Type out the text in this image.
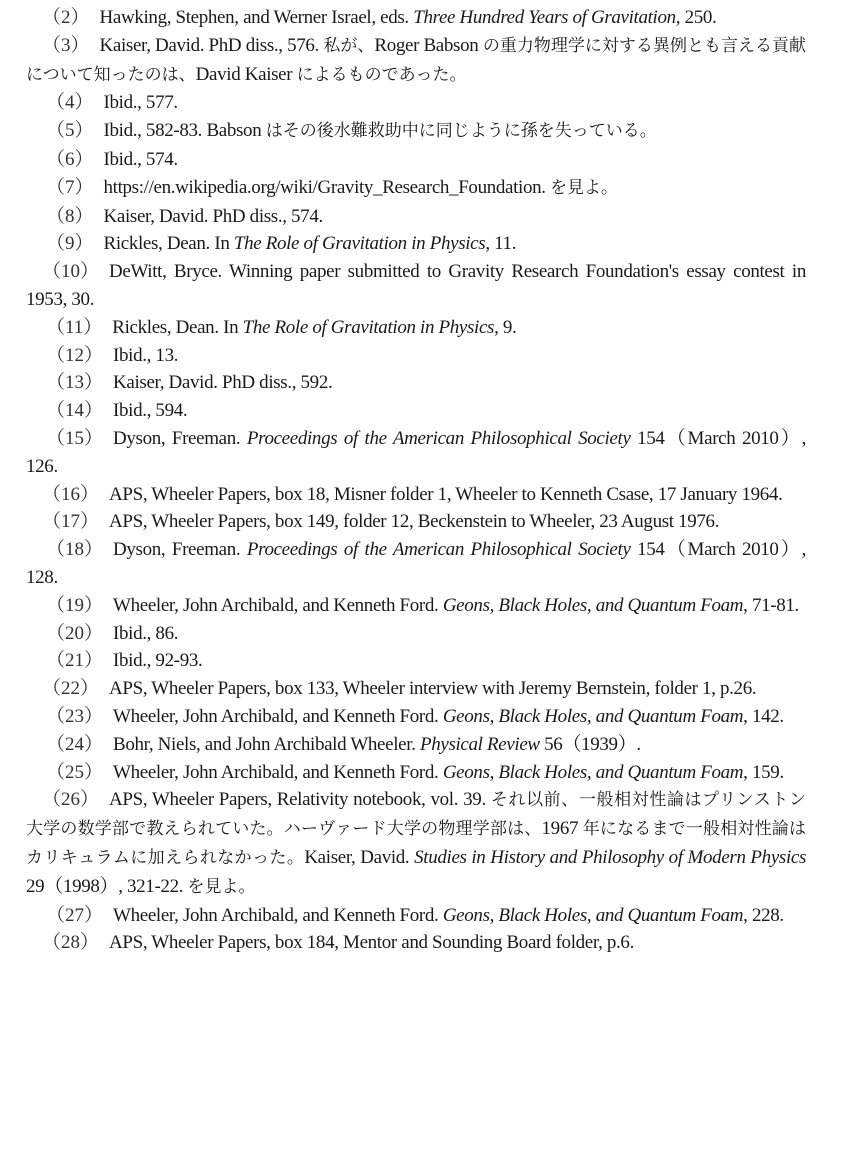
（2） Hawking, Stephen, and Werner Israel, eds. Three Hundred Years of Gravitation, 250.
（3） Kaiser, David. PhD diss., 576. 私が、Roger Babson の重力物理学に対する異例とも言える貢献について知ったのは、David Kaiser によるものであった。
（4） Ibid., 577.
（5） Ibid., 582-83. Babson はその後水難救助中に同じように孫を失っている。
（6） Ibid., 574.
（7） https://en.wikipedia.org/wiki/Gravity_Research_Foundation. を見よ。
（8） Kaiser, David. PhD diss., 574.
（9） Rickles, Dean. In The Role of Gravitation in Physics, 11.
（10） DeWitt, Bryce. Winning paper submitted to Gravity Research Foundation's essay contest in 1953, 30.
（11） Rickles, Dean. In The Role of Gravitation in Physics, 9.
（12） Ibid., 13.
（13） Kaiser, David. PhD diss., 592.
（14） Ibid., 594.
（15） Dyson, Freeman. Proceedings of the American Philosophical Society 154（March 2010）, 126.
（16） APS, Wheeler Papers, box 18, Misner folder 1, Wheeler to Kenneth Csase, 17 January 1964.
（17） APS, Wheeler Papers, box 149, folder 12, Beckenstein to Wheeler, 23 August 1976.
（18） Dyson, Freeman. Proceedings of the American Philosophical Society 154（March 2010）, 128.
（19） Wheeler, John Archibald, and Kenneth Ford. Geons, Black Holes, and Quantum Foam, 71-81.
（20） Ibid., 86.
（21） Ibid., 92-93.
（22） APS, Wheeler Papers, box 133, Wheeler interview with Jeremy Bernstein, folder 1, p.26.
（23） Wheeler, John Archibald, and Kenneth Ford. Geons, Black Holes, and Quantum Foam, 142.
（24） Bohr, Niels, and John Archibald Wheeler. Physical Review 56（1939）.
（25） Wheeler, John Archibald, and Kenneth Ford. Geons, Black Holes, and Quantum Foam, 159.
（26） APS, Wheeler Papers, Relativity notebook, vol. 39. それ以前、一般相対性論はプリンストン大学の数学部で教えられていた。ハーヴァード大学の物理学部は、1967 年になるまで一般相対性論はカリキュラムに加えられなかった。Kaiser, David. Studies in History and Philosophy of Modern Physics 29（1998）, 321-22. を見よ。
（27） Wheeler, John Archibald, and Kenneth Ford. Geons, Black Holes, and Quantum Foam, 228.
（28） APS, Wheeler Papers, box 184, Mentor and Sounding Board folder, p.6.
